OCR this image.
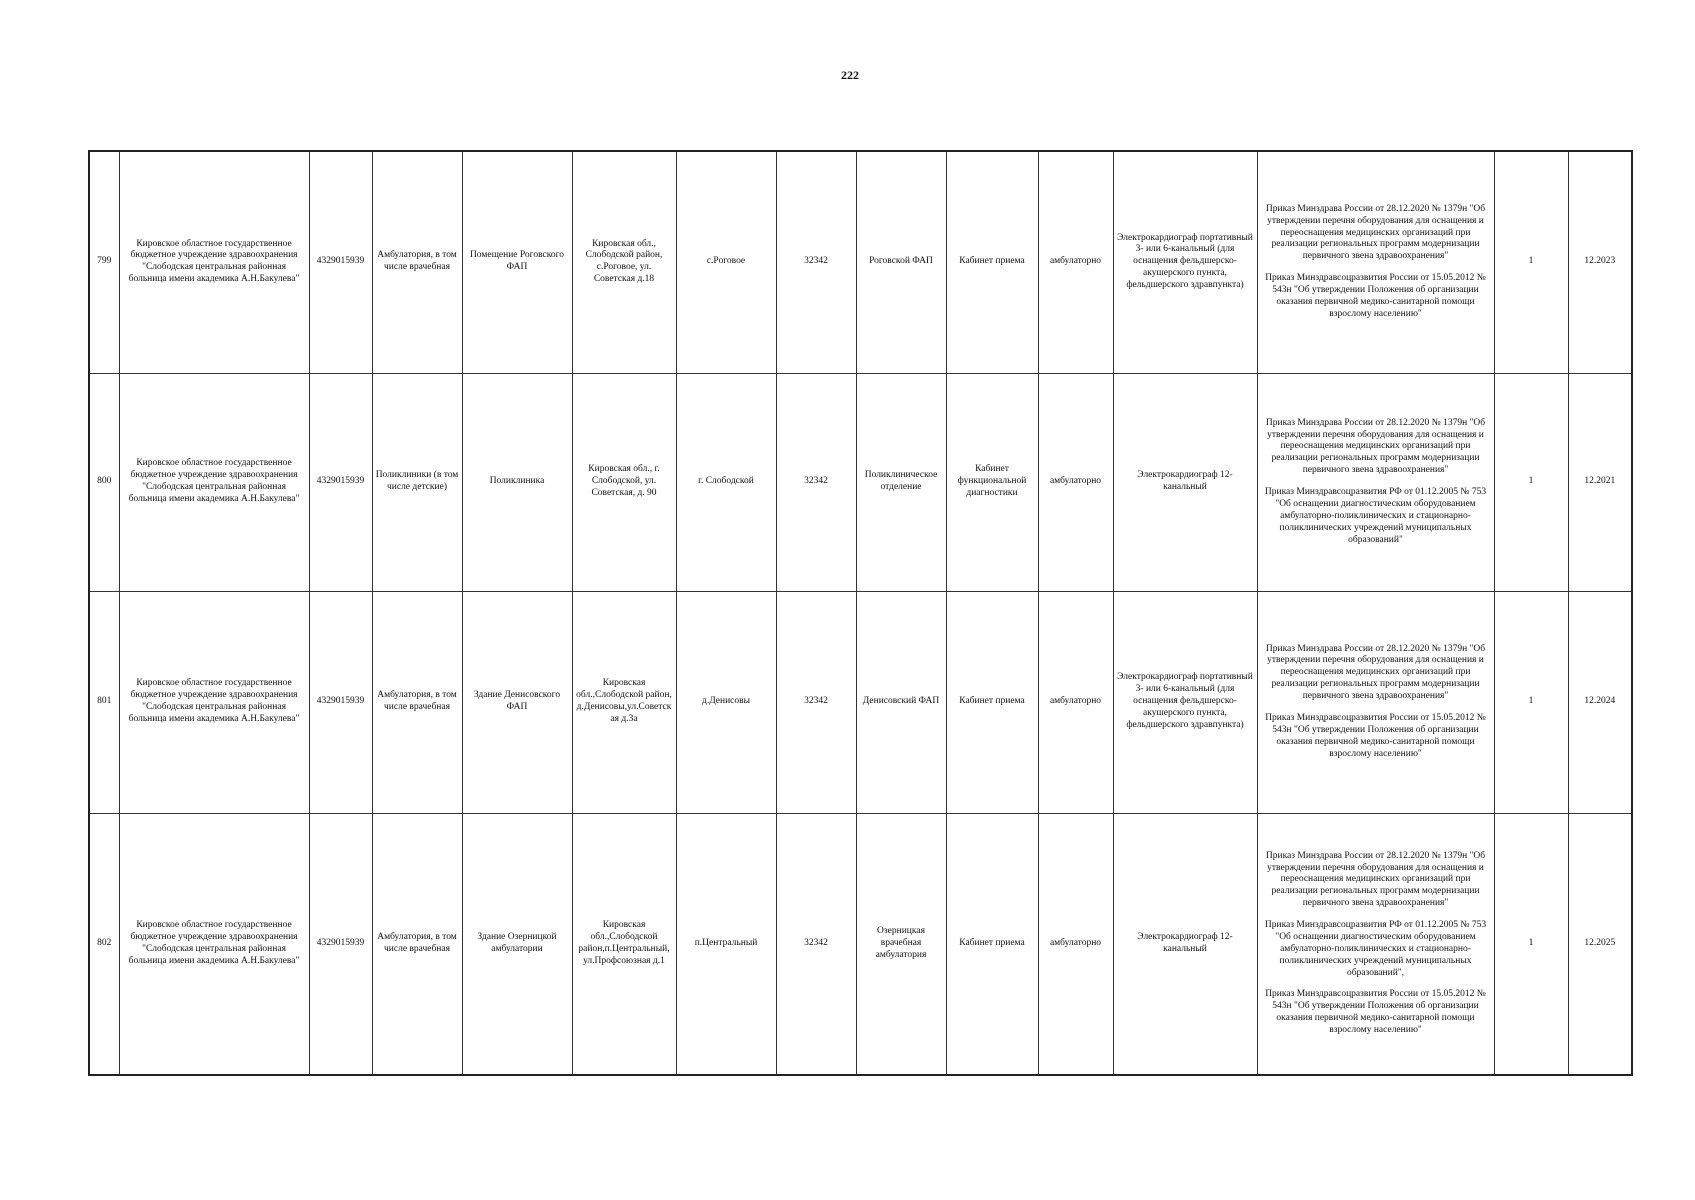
222
799	Кировское областное государственное бюджетное учреждение здравоохранения "Слободская центральная районная больница имени академика А.Н.Бакулева"	4329015939	Амбулатория, в том числе врачебная	Помещение Роговского ФАП	Кировская обл., Слободской район, с.Роговое, ул. Советская д.18	с.Роговое	32342	Роговской ФАП	Кабинет приема	амбулаторно	Электрокардиограф портативный 3- или 6-канальный (для оснащения фельдшерско-акушерского пункта, фельдшерского здравпункта)	Приказ Минздрава России от 28.12.2020 № 1379н "Об утверждении перечня оборудования для оснащения и переоснащения медицинских организаций при реализации региональных программ модернизации первичного звена здравоохранения"
Приказ Минздравсоцразвития России от 15.05.2012 № 543н "Об утверждении Положения об организации оказания первичной медико-санитарной помощи взрослому населению"	1	12.2023
800	Кировское областное государственное бюджетное учреждение здравоохранения "Слободская центральная районная больница имени академика А.Н.Бакулева"	4329015939	Поликлиники (в том числе детские)	Поликлиника	Кировская обл., г. Слободской, ул. Советская, д. 90	г. Слободской	32342	Поликлиническое отделение	Кабинет функциональной диагностики	амбулаторно	Электрокардиограф 12-канальный	Приказ Минздрава России от 28.12.2020 № 1379н "Об утверждении перечня оборудования для оснащения и переоснащения медицинских организаций при реализации региональных программ модернизации первичного звена здравоохранения"
Приказ Минздравсоцразвития РФ от 01.12.2005 № 753 "Об оснащении диагностическим оборудованием амбулаторно-поликлинических и стационарно-поликлинических учреждений муниципальных образований"	1	12.2021
801	Кировское областное государственное бюджетное учреждение здравоохранения "Слободская центральная районная больница имени академика А.Н.Бакулева"	4329015939	Амбулатория, в том числе врачебная	Здание Денисовского ФАП	Кировская обл.,Слободской район, д.Денисовы,ул.Советская д.3а	д.Денисовы	32342	Денисовский ФАП	Кабинет приема	амбулаторно	Электрокардиограф портативный 3- или 6-канальный (для оснащения фельдшерско-акушерского пункта, фельдшерского здравпункта)	Приказ Минздрава России от 28.12.2020 № 1379н "Об утверждении перечня оборудования для оснащения и переоснащения медицинских организаций при реализации региональных программ модернизации первичного звена здравоохранения"
Приказ Минздравсоцразвития России от 15.05.2012 № 543н "Об утверждении Положения об организации оказания первичной медико-санитарной помощи взрослому населению"	1	12.2024
802	Кировское областное государственное бюджетное учреждение здравоохранения "Слободская центральная районная больница имени академика А.Н.Бакулева"	4329015939	Амбулатория, в том числе врачебная	Здание Озерницкой амбулатории	Кировская обл.,Слободской район,п.Центральный, ул.Профсоюзная д.1	п.Центральный	32342	Озерницкая врачебная амбулатория	Кабинет приема	амбулаторно	Электрокардиограф 12-канальный	Приказ Минздрава России от 28.12.2020 № 1379н "Об утверждении перечня оборудования для оснащения и переоснащения медицинских организаций при реализации региональных программ модернизации первичного звена здравоохранения"
Приказ Минздравсоцразвития РФ от 01.12.2005 № 753 "Об оснащении диагностическим оборудованием амбулаторно-поликлинических и стационарно-поликлинических учреждений муниципальных образований",
Приказ Минздравсоцразвития России от 15.05.2012 № 543н "Об утверждении Положения об организации оказания первичной медико-санитарной помощи взрослому населению"	1	12.2025
